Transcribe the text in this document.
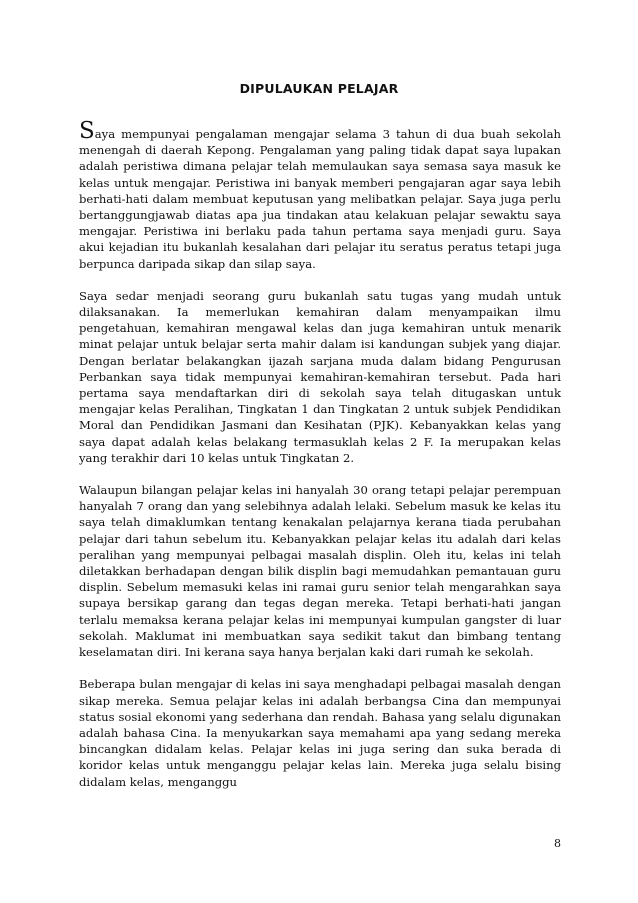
DIPULAUKAN PELAJAR

Saya mempunyai pengalaman mengajar selama 3 tahun di dua buah sekolah menengah di daerah Kepong. Pengalaman yang paling tidak dapat saya lupakan adalah peristiwa dimana pelajar telah memulaukan saya semasa saya masuk ke kelas untuk mengajar. Peristiwa ini banyak memberi pengajaran agar saya lebih berhati-hati dalam membuat keputusan yang melibatkan pelajar. Saya juga perlu bertanggungjawab diatas apa jua tindakan atau kelakuan pelajar sewaktu saya mengajar. Peristiwa ini berlaku pada tahun pertama saya menjadi guru. Saya akui kejadian itu bukanlah kesalahan dari pelajar itu seratus peratus tetapi juga berpunca daripada sikap dan silap saya.

Saya sedar menjadi seorang guru bukanlah satu tugas yang mudah untuk dilaksanakan. Ia memerlukan kemahiran dalam menyampaikan ilmu pengetahuan, kemahiran mengawal kelas dan juga kemahiran untuk menarik minat pelajar untuk belajar serta mahir dalam isi kandungan subjek yang diajar. Dengan berlatar belakangkan ijazah sarjana muda dalam bidang Pengurusan Perbankan saya tidak mempunyai kemahiran-kemahiran tersebut. Pada hari pertama saya mendaftarkan diri di sekolah saya telah ditugaskan untuk mengajar kelas Peralihan, Tingkatan 1 dan Tingkatan 2 untuk subjek Pendidikan Moral dan Pendidikan Jasmani dan Kesihatan (PJK). Kebanyakkan kelas yang saya dapat adalah kelas belakang termasuklah kelas 2 F. Ia merupakan kelas yang terakhir dari 10 kelas untuk Tingkatan 2.

Walaupun bilangan pelajar kelas ini hanyalah 30 orang tetapi pelajar perempuan hanyalah 7 orang dan yang selebihnya adalah lelaki. Sebelum masuk ke kelas itu saya telah dimaklumkan tentang kenakalan pelajarnya kerana tiada perubahan pelajar dari tahun sebelum itu. Kebanyakkan pelajar kelas itu adalah dari kelas peralihan yang mempunyai pelbagai masalah displin. Oleh itu, kelas ini telah diletakkan berhadapan dengan bilik displin bagi memudahkan pemantauan guru displin. Sebelum memasuki kelas ini ramai guru senior telah mengarahkan saya supaya bersikap garang dan tegas degan mereka. Tetapi berhati-hati jangan terlalu memaksa kerana pelajar kelas ini mempunyai kumpulan gangster di luar sekolah. Maklumat ini membuatkan saya sedikit takut dan bimbang tentang keselamatan diri. Ini kerana saya hanya berjalan kaki dari rumah ke sekolah.

Beberapa bulan mengajar di kelas ini saya menghadapi pelbagai masalah dengan sikap mereka. Semua pelajar kelas ini adalah berbangsa Cina dan mempunyai status sosial ekonomi yang sederhana dan rendah. Bahasa yang selalu digunakan adalah bahasa Cina. Ia menyukarkan saya memahami apa yang sedang mereka bincangkan didalam kelas. Pelajar kelas ini juga sering dan suka berada di koridor kelas untuk menganggu pelajar kelas lain. Mereka juga selalu bising didalam kelas, menganggu

8
